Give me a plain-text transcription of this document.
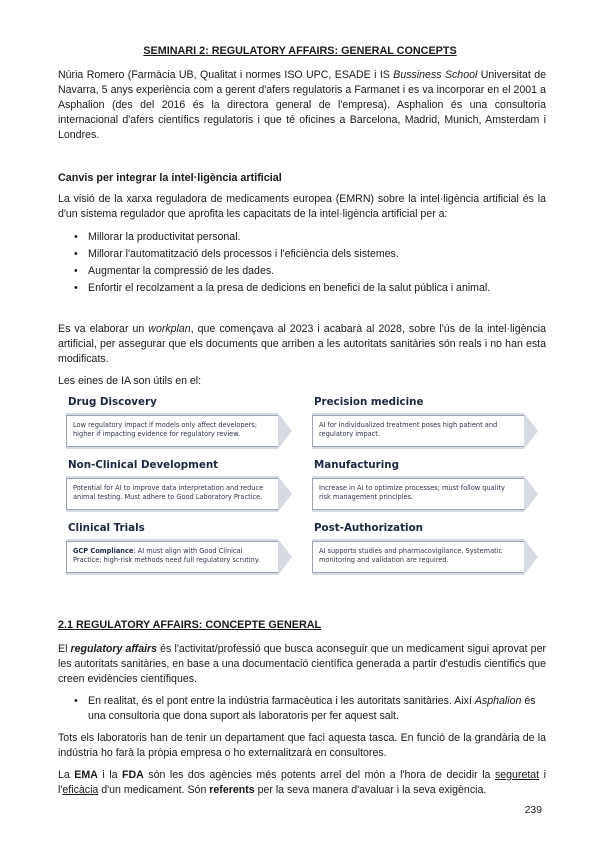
SEMINARI 2: REGULATORY AFFAIRS: GENERAL CONCEPTS

Núria Romero (Farmàcia UB, Qualitat i normes ISO UPC, ESADE i IS Bussiness School Universitat de Navarra, 5 anys experiència com a gerent d'afers regulatoris a Farmanet i es va incorporar en el 2001 a Asphalion (des del 2016 és la directora general de l'empresa). Asphalion és una consultoria internacional d'afers científics regulatoris i que té oficines a Barcelona, Madrid, Munich, Amsterdam i Londres.

Canvis per integrar la intel·ligència artificial

La visió de la xarxa reguladora de medicaments europea (EMRN) sobre la intel·ligència artificial és la d'un sistema regulador que aprofita les capacitats de la intel·ligència artificial per a:

• Millorar la productivitat personal.
• Millorar l'automatització dels processos i l'eficiència dels sistemes.
• Augmentar la compressió de les dades.
• Enfortir el recolzament a la presa de dedicions en benefici de la salut pública i animal.

Es va elaborar un workplan, que començava al 2023 i acabarà al 2028, sobre l'ús de la intel·ligència artificial, per assegurar que els documents que arriben a les autoritats sanitàries són reals i no han esta modificats.

Les eines de IA son útils en el:

Drug Discovery
Low regulatory impact if models only affect developers; higher if impacting evidence for regulatory review.
Precision medicine
AI for individualized treatment poses high patient and regulatory impact.
Non-Clinical Development
Potential for AI to improve data interpretation and reduce animal testing. Must adhere to Good Laboratory Practice.
Manufacturing
Increase in AI to optimize processes; must follow quality risk management principles.
Clinical Trials
GCP Compliance: AI must align with Good Clinical Practice; high-risk methods need full regulatory scrutiny.
Post-Authorization
AI supports studies and pharmacovigilance. Systematic monitoring and validation are required.
2.1 REGULATORY AFFAIRS: CONCEPTE GENERAL

El regulatory affairs és l'activitat/professió que busca aconseguir que un medicament sigui aprovat per les autoritats sanitàries, en base a una documentació científica generada a partir d'estudis científics que creen evidències científiques.

• En realitat, és el pont entre la indústria farmacèutica i les autoritats sanitàries. Així Asphalion és una consultoria que dona suport als laboratoris per fer aquest salt.

Tots els laboratoris han de tenir un departament que faci aquesta tasca. En funció de la grandària de la indústria ho farà la pròpia empresa o ho externalitzarà en consultores.

La EMA i la FDA són les dos agències més potents arrel del món a l'hora de decidir la seguretat i l'eficàcia d'un medicament. Són referents per la seva manera d'avaluar i la seva exigència.

239
